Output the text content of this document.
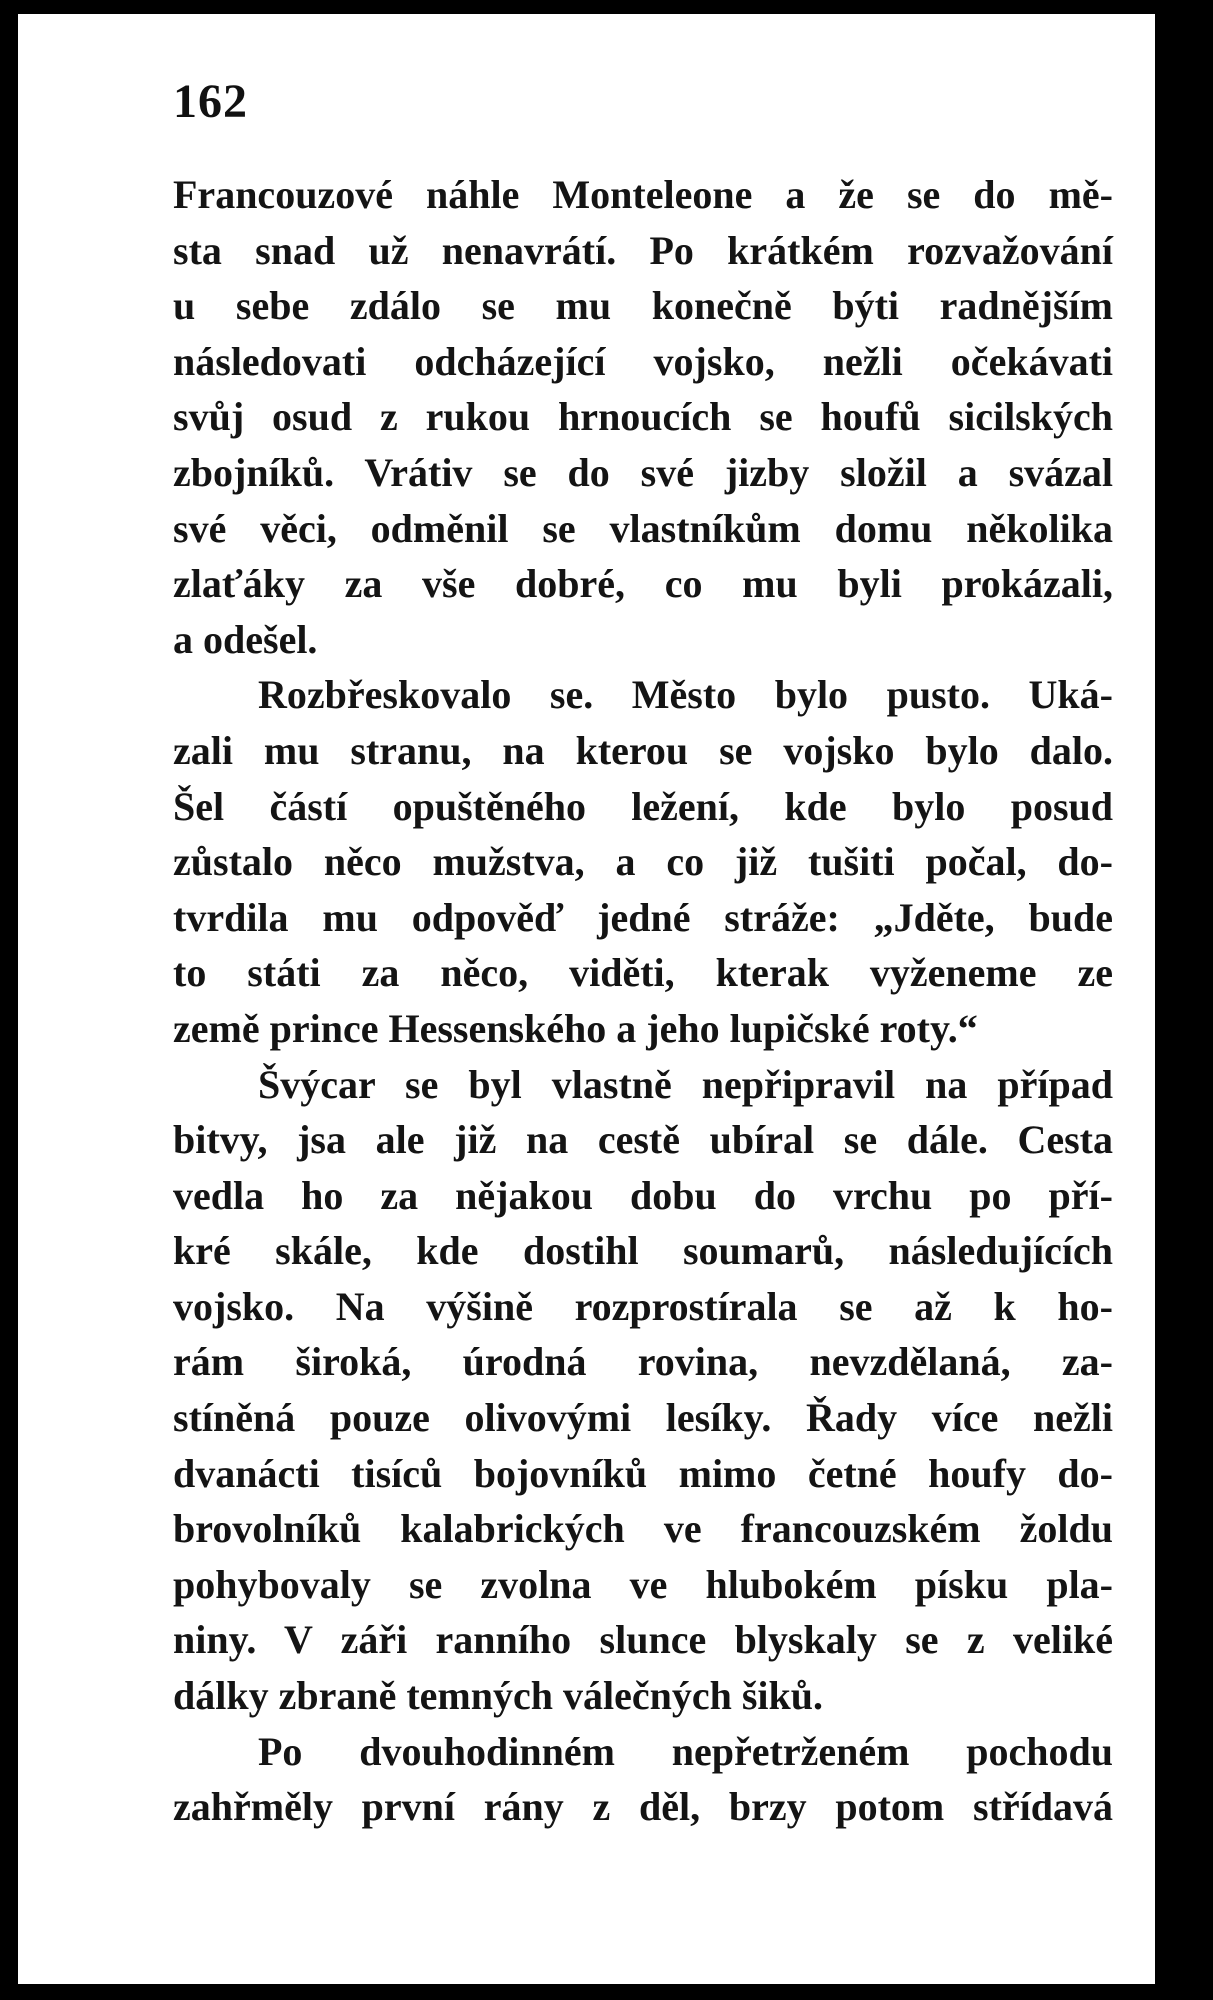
162
Francouzové náhle Monteleone a že se do mě-
sta snad už nenavrátí. Po krátkém rozvažování
u sebe zdálo se mu konečně býti radnějším
následovati odcházející vojsko, nežli očekávati
svůj osud z rukou hrnoucích se houfů sicilských
zbojníků. Vrátiv se do své jizby složil a svázal
své věci, odměnil se vlastníkům domu několika
zlaťáky za vše dobré, co mu byli prokázali,
a odešel.
Rozbřeskovalo se. Město bylo pusto. Uká-
zali mu stranu, na kterou se vojsko bylo dalo.
Šel částí opuštěného ležení, kde bylo posud
zůstalo něco mužstva, a co již tušiti počal, do-
tvrdila mu odpověď jedné stráže: „Jděte, bude
to státi za něco, viděti, kterak vyženeme ze
země prince Hessenského a jeho lupičské roty.“
Švýcar se byl vlastně nepřipravil na případ
bitvy, jsa ale již na cestě ubíral se dále. Cesta
vedla ho za nějakou dobu do vrchu po pří-
kré skále, kde dostihl soumarů, následujících
vojsko. Na výšině rozprostírala se až k ho-
rám široká, úrodná rovina, nevzdělaná, za-
stíněná pouze olivovými lesíky. Řady více nežli
dvanácti tisíců bojovníků mimo četné houfy do-
brovolníků kalabrických ve francouzském žoldu
pohybovaly se zvolna ve hlubokém písku pla-
niny. V záři ranního slunce blyskaly se z veliké
dálky zbraně temných válečných šiků.
Po dvouhodinném nepřetrženém pochodu
zahřměly první rány z děl, brzy potom střídavá
